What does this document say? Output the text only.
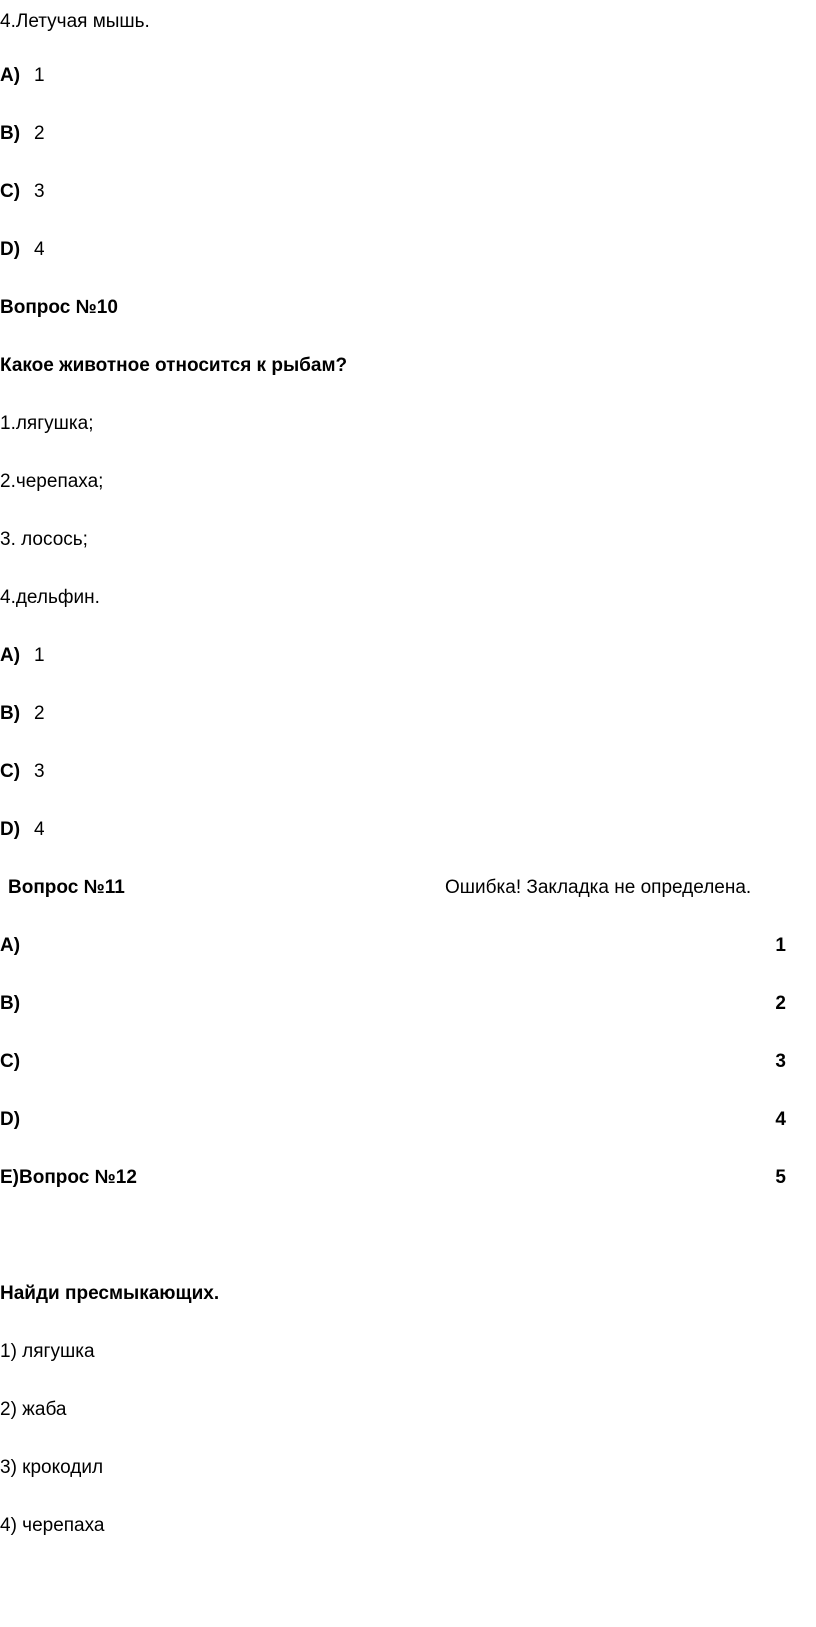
4.Летучая мышь.
A) 1
B) 2
C) 3
D) 4
Вопрос №10
Какое животное относится к рыбам?
1.лягушка;
2.черепаха;
3. лосось;
4.дельфин.
A) 1
B) 2
C) 3
D) 4
Вопрос №11	Ошибка! Закладка не определена.
A)	1
B)	2
C)	3
D)	4
E)Вопрос №12	5
Найди пресмыкающих.
1) лягушка
2) жаба
3) крокодил
4) черепаха
